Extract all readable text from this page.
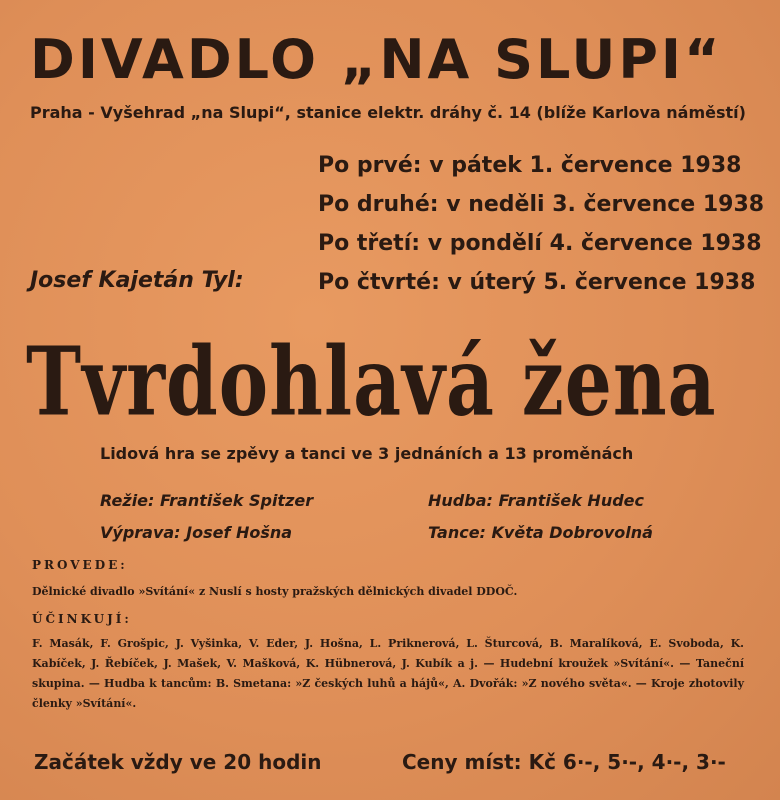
DIVADLO „NA SLUPI“
Praha - Vyšehrad „na Slupi“, stanice elektr. dráhy č. 14 (blíže Karlova náměstí)
Po prvé: v pátek 1. července 1938
Po druhé: v neděli 3. července 1938
Po třetí: v pondělí 4. července 1938
Po čtvrté: v úterý 5. července 1938
Josef Kajetán Tyl:
Tvrdohlavá žena
Lidová hra se zpěvy a tanci ve 3 jednáních a 13 proměnách
Režie: František Spitzer	Hudba: František Hudec
Výprava: Josef Hošna	Tance: Květa Dobrovolná
PROVEDE:
Dělnické divadlo »Svítání« z Nuslí s hosty pražských dělnických divadel DDOČ.
ÚČINKUJÍ:
F. Masák, F. Grošpic, J. Vyšinka, V. Eder, J. Hošna, L. Priknerová, L. Šturcová, B. Maralíková, E. Svoboda, K. Kabíček, J. Řebíček, J. Mašek, V. Mašková, K. Hübnerová, J. Kubík a j. — Hudební kroužek »Svítání«. — Taneční skupina. — Hudba k tancům: B. Smetana: »Z českých luhů a hájů«, A. Dvořák: »Z nového světa«. — Kroje zhotovily členky »Svítání«.
Začátek vždy ve 20 hodin	Ceny míst: Kč 6·-, 5·-, 4·-, 3·-
